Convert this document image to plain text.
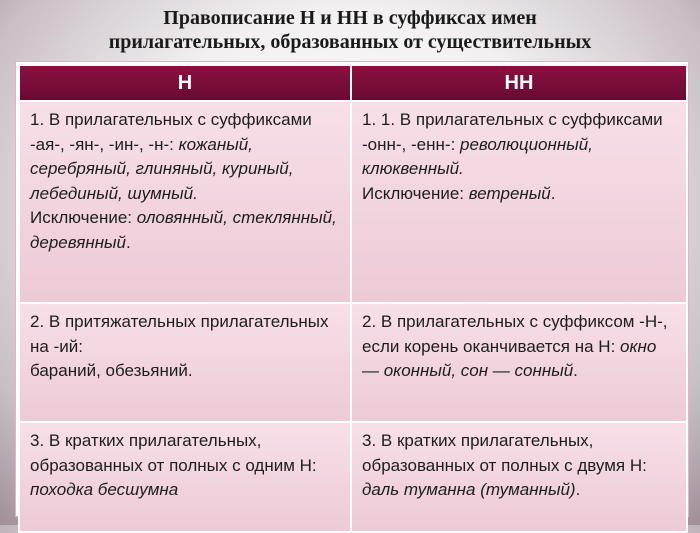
Правописание Н и НН в суффиксах имен
прилагательных, образованных от существительных
Н	НН
1. В прилагательных с суффиксами -ая-, -ян-, -ин-, -н-: кожаный, серебряный, глиняный, куриный, лебединый, шумный.
Исключение: оловянный, стеклянный, деревянный.	1. 1. В прилагательных с суффиксами -онн-, -енн-: революционный, клюквенный.
Исключение: ветреный.
2. В притяжательных прилагательных на -ий:
бараний, обезьяний.	2. В прилагательных с суффиксом -Н-, если корень оканчивается на Н: окно — оконный, сон — сонный.
3. В кратких прилагательных, образованных от полных с одним Н: походка бесшумна	3. В кратких прилагательных, образованных от полных с двумя Н: даль туманна (туманный).
